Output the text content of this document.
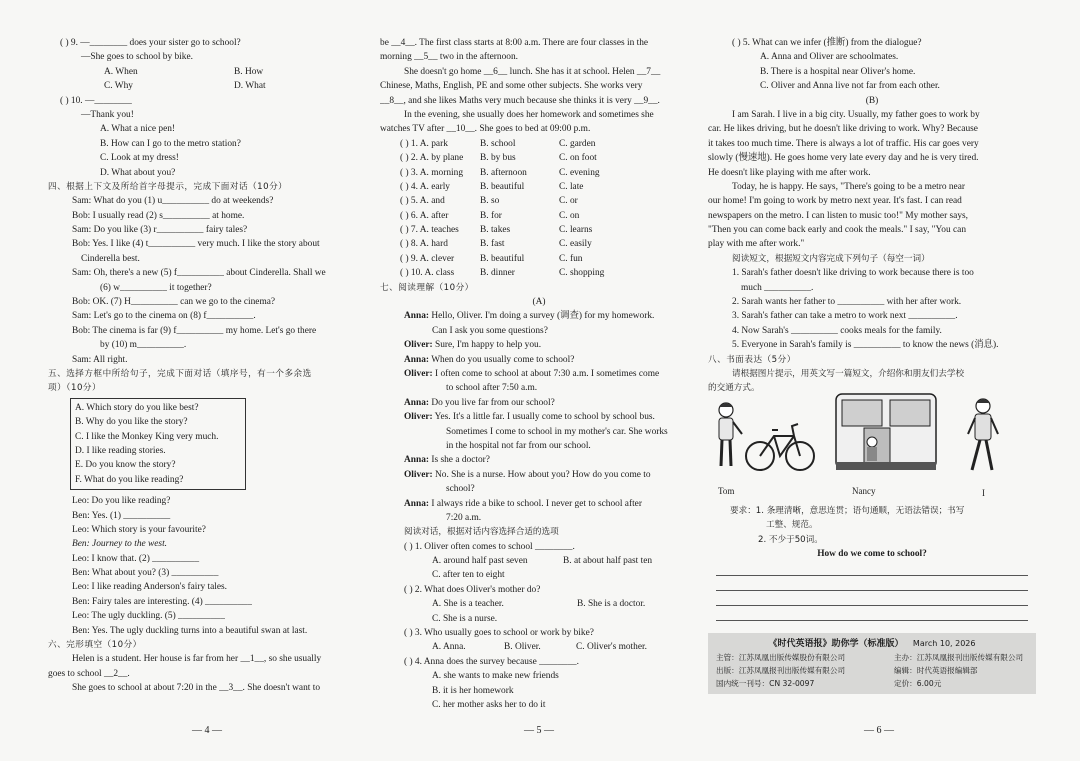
( ) 9. —________ does your sister go to school?
—She goes to school by bike.
A. When	B. How
C. Why	D. What
( ) 10. —________
—Thank you!
A. What a nice pen!
B. How can I go to the metro station?
C. Look at my dress!
D. What about you?
四、根据上下文及所给首字母提示，完成下面对话（10分）
Sam: What do you (1) u__________ do at weekends?
Bob: I usually read (2) s__________ at home.
Sam: Do you like (3) r__________ fairy tales?
Bob: Yes. I like (4) t__________ very much. I like the story about
Cinderella best.
Sam: Oh, there's a new (5) f__________ about Cinderella. Shall we
(6) w__________ it together?
Bob: OK. (7) H__________ can we go to the cinema?
Sam: Let's go to the cinema on (8) f__________.
Bob: The cinema is far (9) f__________ my home. Let's go there
by (10) m__________.
Sam: All right.
五、选择方框中所给句子，完成下面对话（填序号，有一个多余选
项）（10分）
A. Which story do you like best?
B. Why do you like the story?
C. I like the Monkey King very much.
D. I like reading stories.
E. Do you know the story?
F. What do you like reading?
Leo: Do you like reading?
Ben: Yes. (1) __________
Leo: Which story is your favourite?
Ben: Journey to the west.
Leo: I know that. (2) __________
Ben: What about you? (3) __________
Leo: I like reading Anderson's fairy tales.
Ben: Fairy tales are interesting. (4) __________
Leo: The ugly duckling. (5) __________
Ben: Yes. The ugly duckling turns into a beautiful swan at last.
六、完形填空（10分）
Helen is a student. Her house is far from her __1__, so she usually
goes to school __2__.
She goes to school at about 7:20 in the __3__. She doesn't want to
— 4 —
be __4__. The first class starts at 8:00 a.m. There are four classes in the
morning __5__ two in the afternoon.
She doesn't go home __6__ lunch. She has it at school. Helen __7__
Chinese, Maths, English, PE and some other subjects. She works very
__8__, and she likes Maths very much because she thinks it is very __9__.
In the evening, she usually does her homework and sometimes she
watches TV after __10__. She goes to bed at 09:00 p.m.
( ) 1. A. park	B. school	C. garden
( ) 2. A. by plane	B. by bus	C. on foot
( ) 3. A. morning	B. afternoon	C. evening
( ) 4. A. early	B. beautiful	C. late
( ) 5. A. and	B. so	C. or
( ) 6. A. after	B. for	C. on
( ) 7. A. teaches	B. takes	C. learns
( ) 8. A. hard	B. fast	C. easily
( ) 9. A. clever	B. beautiful	C. fun
( ) 10. A. class	B. dinner	C. shopping
七、阅读理解（10分）
(A)
Anna: Hello, Oliver. I'm doing a survey (调查) for my homework.
Can I ask you some questions?
Oliver: Sure, I'm happy to help you.
Anna: When do you usually come to school?
Oliver: I often come to school at about 7:30 a.m. I sometimes come
to school after 7:50 a.m.
Anna: Do you live far from our school?
Oliver: Yes. It's a little far. I usually come to school by school bus.
Sometimes I come to school in my mother's car. She works
in the hospital not far from our school.
Anna: Is she a doctor?
Oliver: No. She is a nurse. How about you? How do you come to
school?
Anna: I always ride a bike to school. I never get to school after
7:20 a.m.
阅读对话，根据对话内容选择合适的选项
( ) 1. Oliver often comes to school ________.
A. around half past seven	B. at about half past ten
C. after ten to eight
( ) 2. What does Oliver's mother do?
A. She is a teacher.	B. She is a doctor.
C. She is a nurse.
( ) 3. Who usually goes to school or work by bike?
A. Anna.	B. Oliver.	C. Oliver's mother.
( ) 4. Anna does the survey because ________.
A. she wants to make new friends
B. it is her homework
C. her mother asks her to do it
— 5 —
( ) 5. What can we infer (推断) from the dialogue?
A. Anna and Oliver are schoolmates.
B. There is a hospital near Oliver's home.
C. Oliver and Anna live not far from each other.
(B)
I am Sarah. I live in a big city. Usually, my father goes to work by
car. He likes driving, but he doesn't like driving to work. Why? Because
it takes too much time. There is always a lot of traffic. His car goes very
slowly (慢速地). He goes home very late every day and he is very tired.
He doesn't like playing with me after work.
Today, he is happy. He says, "There's going to be a metro near
our home! I'm going to work by metro next year. It's fast. I can read
newspapers on the metro. I can listen to music too!" My mother says,
"Then you can come back early and cook the meals." I say, "You can
play with me after work."
阅读短文，根据短文内容完成下列句子（每空一词）
1. Sarah's father doesn't like driving to work because there is too
much __________.
2. Sarah wants her father to __________ with her after work.
3. Sarah's father can take a metro to work next __________.
4. Now Sarah's __________ cooks meals for the family.
5. Everyone in Sarah's family is __________ to know the news (消息).
八、书面表达（5分）
请根据图片提示，用英文写一篇短文，介绍你和朋友们去学校
的交通方式。
Tom	Nancy	I
要求：1. 条理清晰，意思连贯；语句通顺，无语法错误；书写
工整、规范。
2. 不少于50词。
How do we come to school?
《时代英语报》助你学（标准版） March 10, 2026
主管：江苏凤凰出版传媒股份有限公司	主办：江苏凤凰报刊出版传媒有限公司
出版：江苏凤凰报刊出版传媒有限公司	编辑：时代英语报编辑部
国内统一刊号：CN 32-0097	定价：6.00元
— 6 —
